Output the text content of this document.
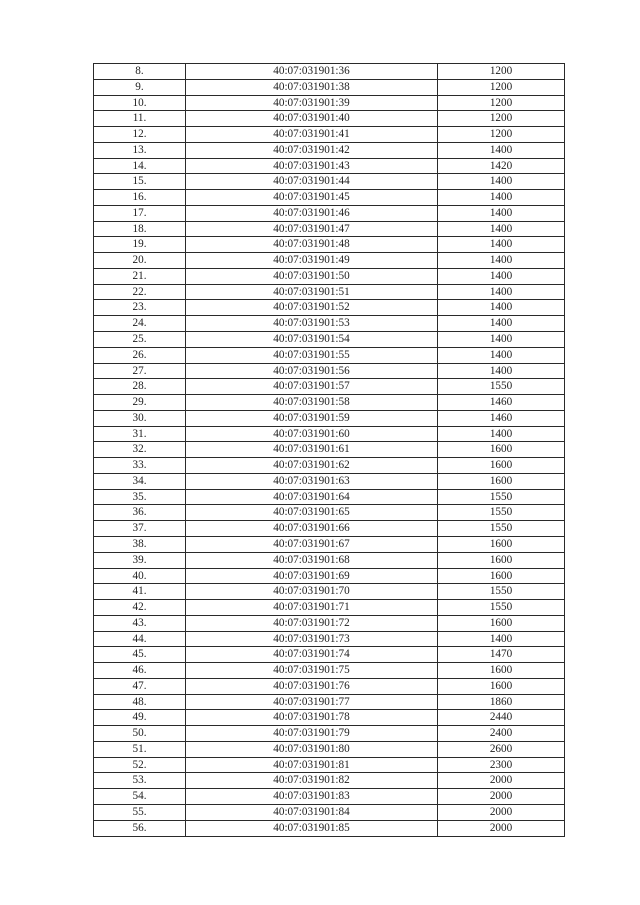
8.	40:07:031901:36	1200
9.	40:07:031901:38	1200
10.	40:07:031901:39	1200
11.	40:07:031901:40	1200
12.	40:07:031901:41	1200
13.	40:07:031901:42	1400
14.	40:07:031901:43	1420
15.	40:07:031901:44	1400
16.	40:07:031901:45	1400
17.	40:07:031901:46	1400
18.	40:07:031901:47	1400
19.	40:07:031901:48	1400
20.	40:07:031901:49	1400
21.	40:07:031901:50	1400
22.	40:07:031901:51	1400
23.	40:07:031901:52	1400
24.	40:07:031901:53	1400
25.	40:07:031901:54	1400
26.	40:07:031901:55	1400
27.	40:07:031901:56	1400
28.	40:07:031901:57	1550
29.	40:07:031901:58	1460
30.	40:07:031901:59	1460
31.	40:07:031901:60	1400
32.	40:07:031901:61	1600
33.	40:07:031901:62	1600
34.	40:07:031901:63	1600
35.	40:07:031901:64	1550
36.	40:07:031901:65	1550
37.	40:07:031901:66	1550
38.	40:07:031901:67	1600
39.	40:07:031901:68	1600
40.	40:07:031901:69	1600
41.	40:07:031901:70	1550
42.	40:07:031901:71	1550
43.	40:07:031901:72	1600
44.	40:07:031901:73	1400
45.	40:07:031901:74	1470
46.	40:07:031901:75	1600
47.	40:07:031901:76	1600
48.	40:07:031901:77	1860
49.	40:07:031901:78	2440
50.	40:07:031901:79	2400
51.	40:07:031901:80	2600
52.	40:07:031901:81	2300
53.	40:07:031901:82	2000
54.	40:07:031901:83	2000
55.	40:07:031901:84	2000
56.	40:07:031901:85	2000
